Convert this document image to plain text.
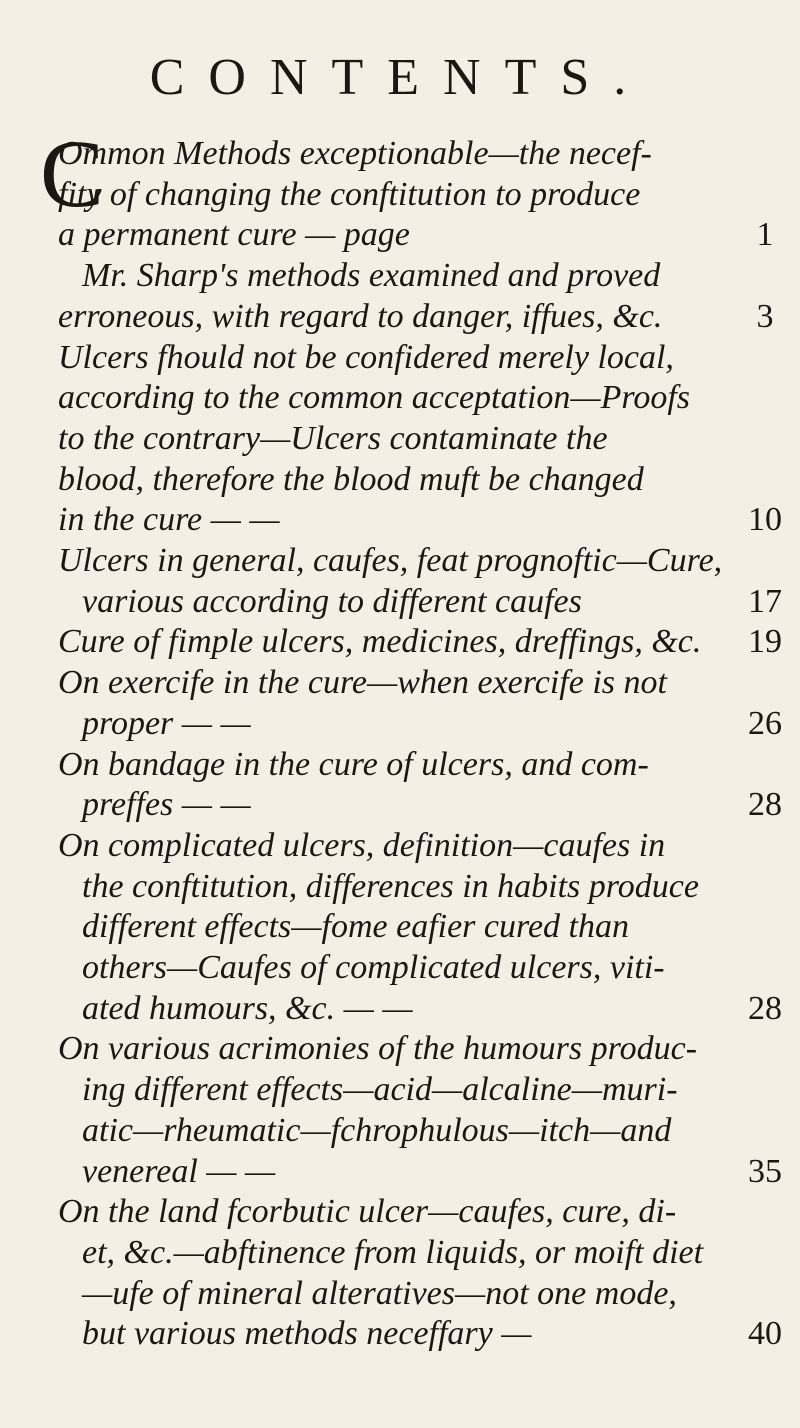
CONTENTS.
C
Ommon Methods exceptionable—the necef-
fity of changing the conftitution to produce
a permanent cure — page	1
Mr. Sharp's methods examined and proved
erroneous, with regard to danger, iffues, &c.	3
Ulcers fhould not be confidered merely local,
according to the common acceptation—Proofs
to the contrary—Ulcers contaminate the
blood, therefore the blood muft be changed
in the cure — —	10
Ulcers in general, caufes, feat prognoftic—Cure,
various according to different caufes	17
Cure of fimple ulcers, medicines, dreffings, &c.	19
On exercife in the cure—when exercife is not
proper — —	26
On bandage in the cure of ulcers, and com-
preffes — —	28
On complicated ulcers, definition—caufes in
the conftitution, differences in habits produce
different effects—fome eafier cured than
others—Caufes of complicated ulcers, viti-
ated humours, &c. — —	28
On various acrimonies of the humours produc-
ing different effects—acid—alcaline—muri-
atic—rheumatic—fchrophulous—itch—and
venereal — —	35
On the land fcorbutic ulcer—caufes, cure, di-
et, &c.—abftinence from liquids, or moift diet
—ufe of mineral alteratives—not one mode,
but various methods neceffary —	40
